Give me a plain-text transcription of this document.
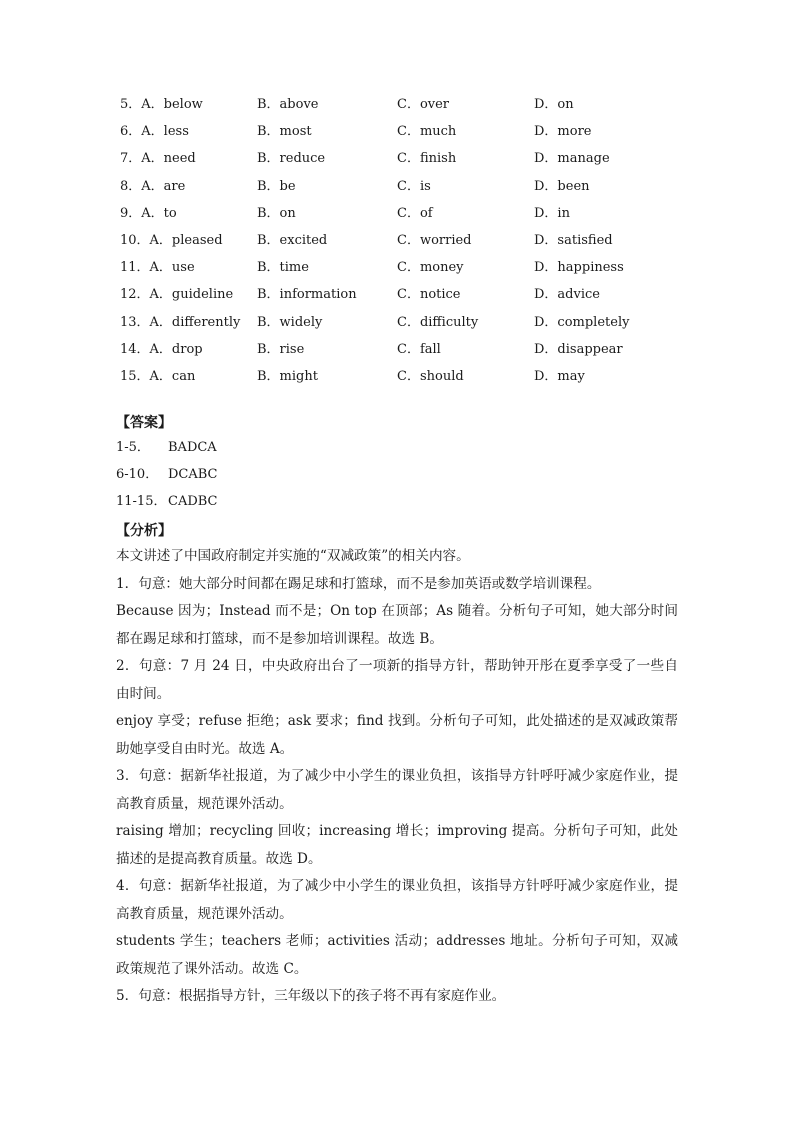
5．A．below	B．above	C．over	D．on
6．A．less	B．most	C．much	D．more
7．A．need	B．reduce	C．finish	D．manage
8．A．are	B．be	C．is	D．been
9．A．to	B．on	C．of	D．in
10．A．pleased	B．excited	C．worried	D．satisfied
11．A．use	B．time	C．money	D．happiness
12．A．guideline B．information	C．notice	D．advice
13．A．differently B．widely	C．difficulty	D．completely
14．A．drop	B．rise	C．fall	D．disappear
15．A．can	B．might	C．should	D．may
【答案】
1-5． BADCA
6-10． DCABC
11-15． CADBC
【分析】

本文讲述了中国政府制定并实施的“双减政策”的相关内容。

1．句意：她大部分时间都在踢足球和打篮球，而不是参加英语或数学培训课程。

Because 因为；Instead 而不是；On top 在顶部；As 随着。分析句子可知，她大部分时间都在踢足球和打篮球，而不是参加培训课程。故选 B。

2．句意：7 月 24 日，中央政府出台了一项新的指导方针，帮助钟开彤在夏季享受了一些自由时间。

enjoy 享受；refuse 拒绝；ask 要求；find 找到。分析句子可知，此处描述的是双减政策帮助她享受自由时光。故选 A。

3．句意：据新华社报道，为了减少中小学生的课业负担，该指导方针呼吁减少家庭作业，提高教育质量，规范课外活动。

raising 增加；recycling 回收；increasing 增长；improving 提高。分析句子可知，此处描述的是提高教育质量。故选 D。

4．句意：据新华社报道，为了减少中小学生的课业负担，该指导方针呼吁减少家庭作业，提高教育质量，规范课外活动。

students 学生；teachers 老师；activities 活动；addresses 地址。分析句子可知，双减政策规范了课外活动。故选 C。

5．句意：根据指导方针，三年级以下的孩子将不再有家庭作业。
